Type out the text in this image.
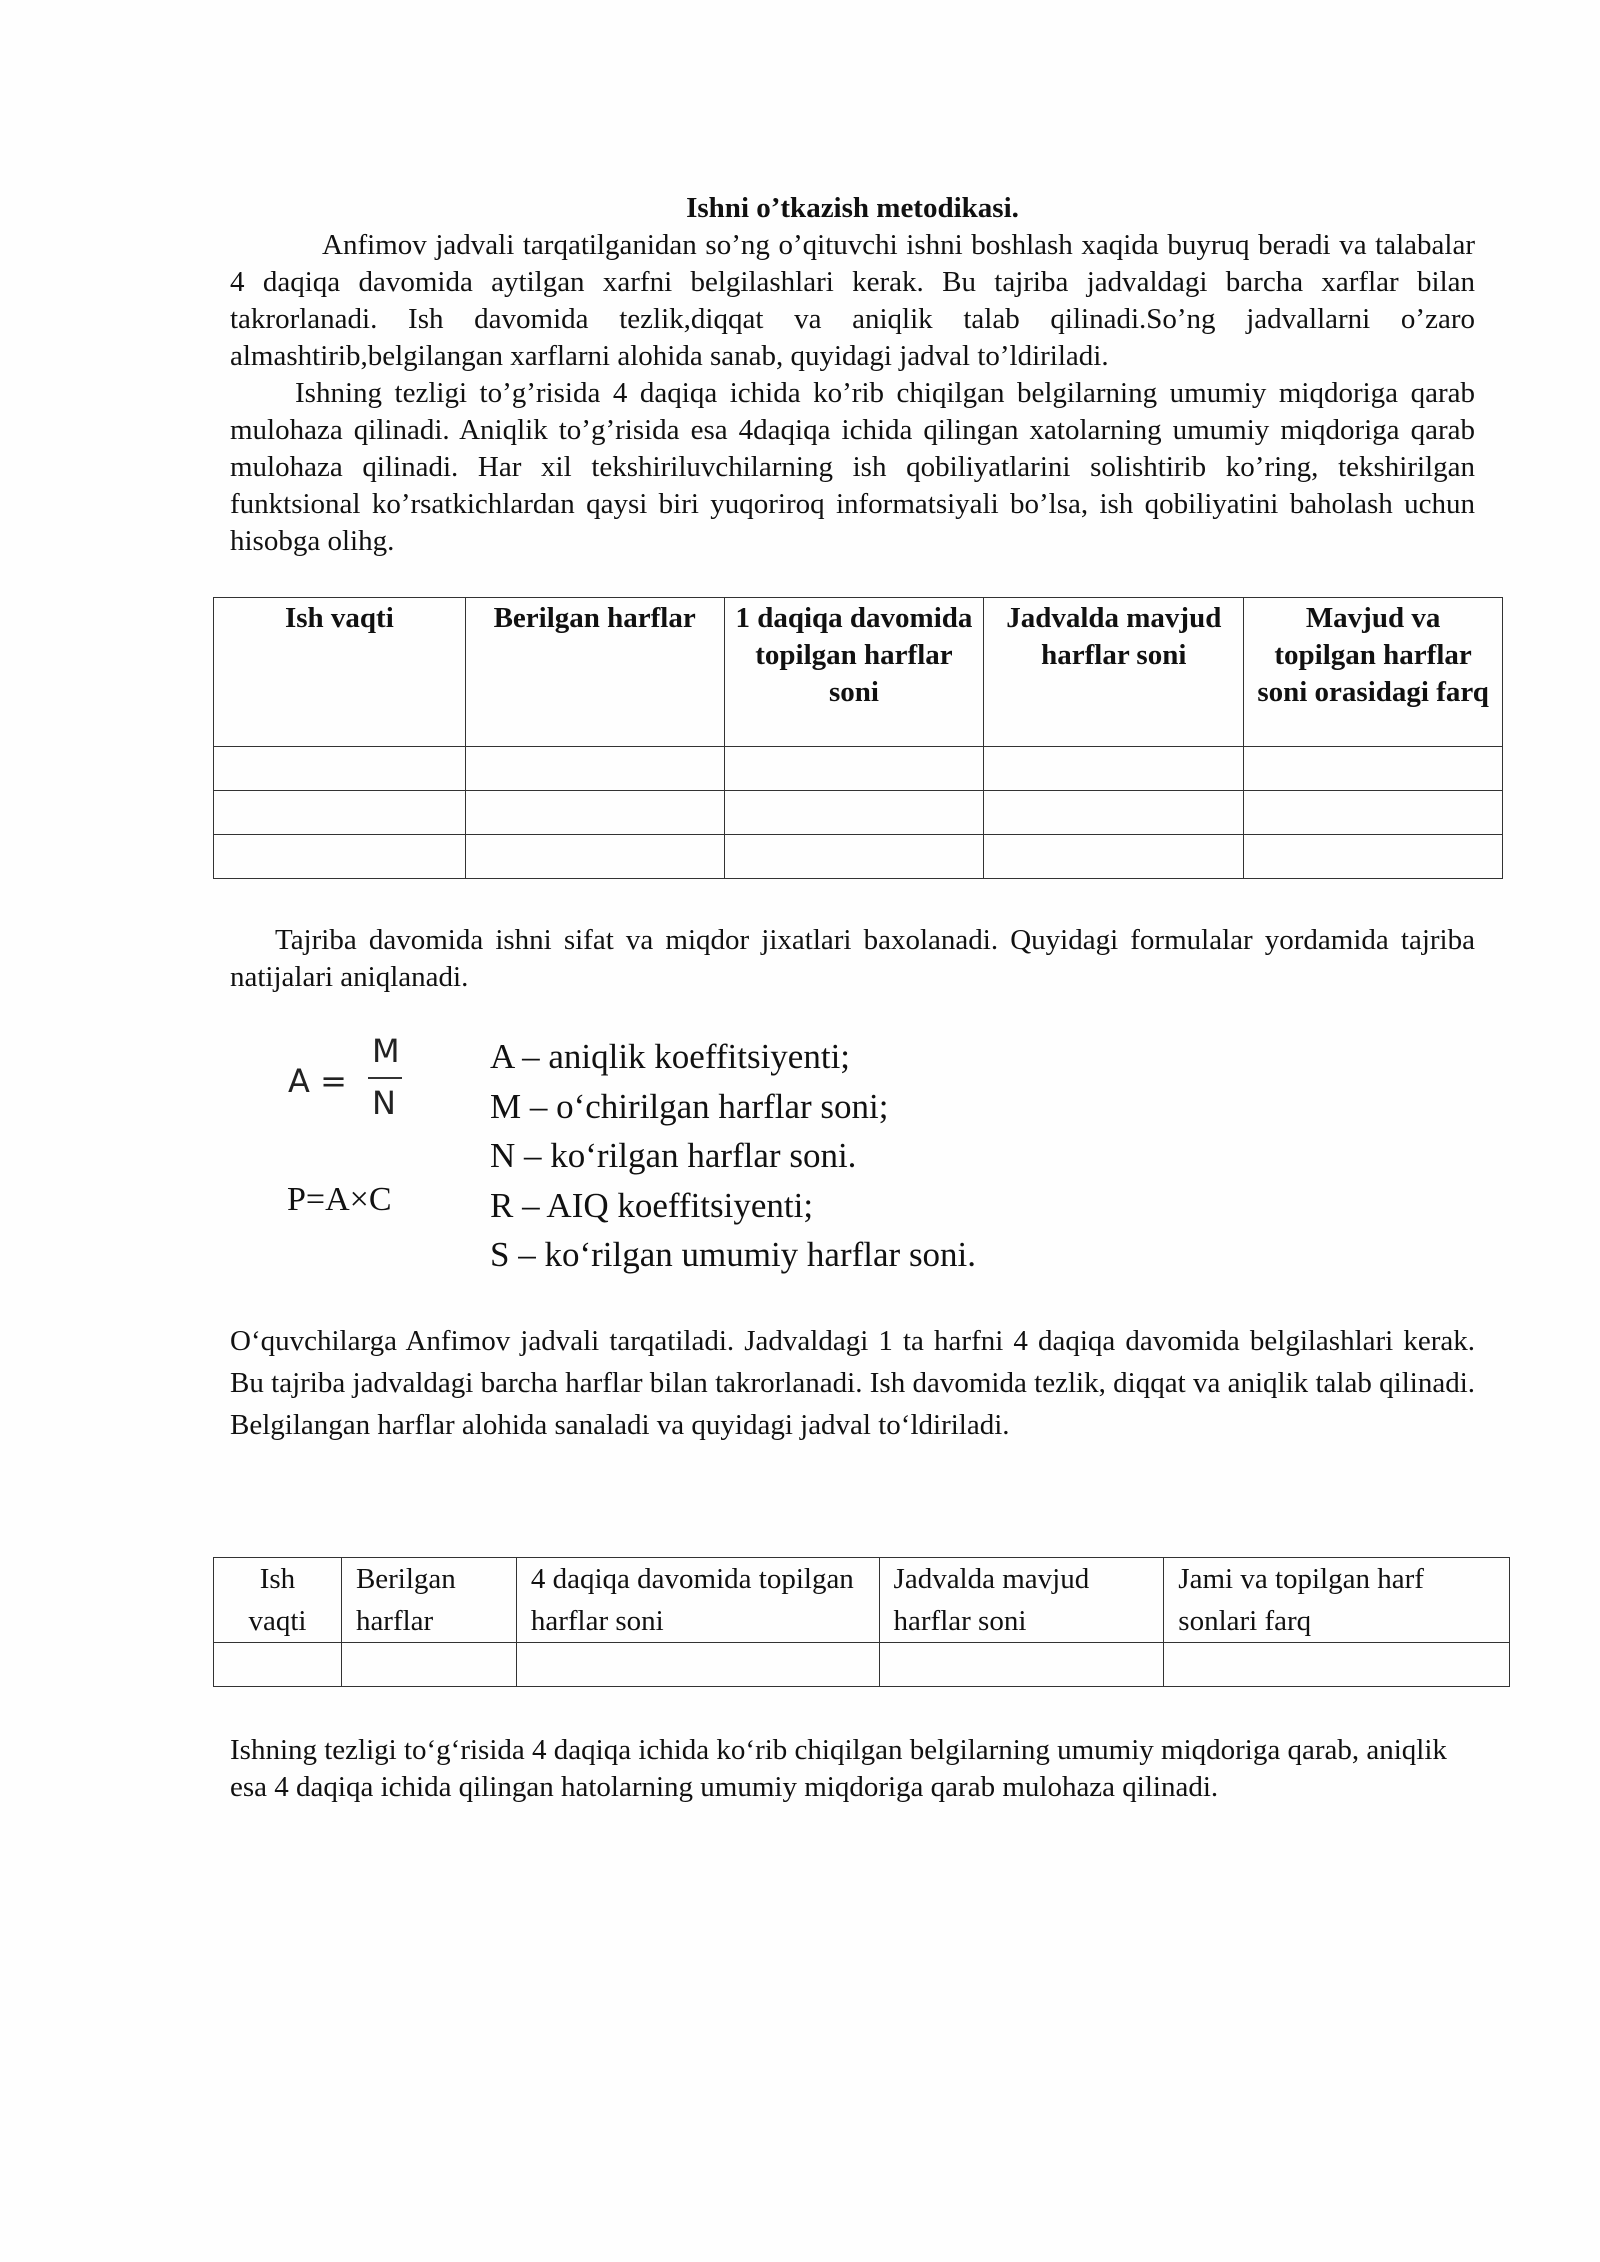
Ishni o’tkazish metodikasi.

Anfimov jadvali tarqatilganidan so’ng o’qituvchi ishni boshlash xaqida buyruq beradi va talabalar 4 daqiqa davomida aytilgan xarfni belgilashlari kerak. Bu tajriba jadvaldagi barcha xarflar bilan takrorlanadi. Ish davomida tezlik,diqqat va aniqlik talab qilinadi.So’ng jadvallarni o’zaro almashtirib,belgilangan xarflarni alohida sanab, quyidagi jadval to’ldiriladi.

Ishning tezligi to’g’risida 4 daqiqa ichida ko’rib chiqilgan belgilarning umumiy miqdoriga qarab mulohaza qilinadi. Aniqlik to’g’risida esa 4daqiqa ichida qilingan xatolarning umumiy miqdoriga qarab mulohaza qilinadi. Har xil tekshiriluvchilarning ish qobiliyatlarini solishtirib ko’ring, tekshirilgan funktsional ko’rsatkichlardan qaysi biri yuqoriroq informatsiyali bo’lsa, ish qobiliyatini baholash uchun hisobga olihg.

Ish vaqti	Berilgan harflar	1 daqiqa davomida topilgan harflar soni	Jadvalda mavjud harflar soni	Mavjud va topilgan harflar soni orasidagi farq

Tajriba davomida ishni sifat va miqdor jixatlari baxolanadi. Quyidagi formulalar yordamida tajriba natijalari aniqlanadi.

A =
M
N
P=A×C
A – aniqlik koeffitsiyenti;
M – o‘chirilgan harflar soni;
N – ko‘rilgan harflar soni.
R – AIQ koeffitsiyenti;
S – ko‘rilgan umumiy harflar soni.

O‘quvchilarga Anfimov jadvali tarqatiladi. Jadvaldagi 1 ta harfni 4 daqiqa davomida belgilashlari kerak. Bu tajriba jadvaldagi barcha harflar bilan takrorlanadi. Ish davomida tezlik, diqqat va aniqlik talab qilinadi. Belgilangan harflar alohida sanaladi va quyidagi jadval to‘ldiriladi.

Ish vaqti	Berilgan harflar	4 daqiqa davomida topilgan harflar soni	Jadvalda mavjud harflar soni	Jami va topilgan harf sonlari farq

Ishning tezligi to‘g‘risida 4 daqiqa ichida ko‘rib chiqilgan belgilarning umumiy miqdoriga qarab, aniqlik esa 4 daqiqa ichida qilingan hatolarning umumiy miqdoriga qarab mulohaza qilinadi.
